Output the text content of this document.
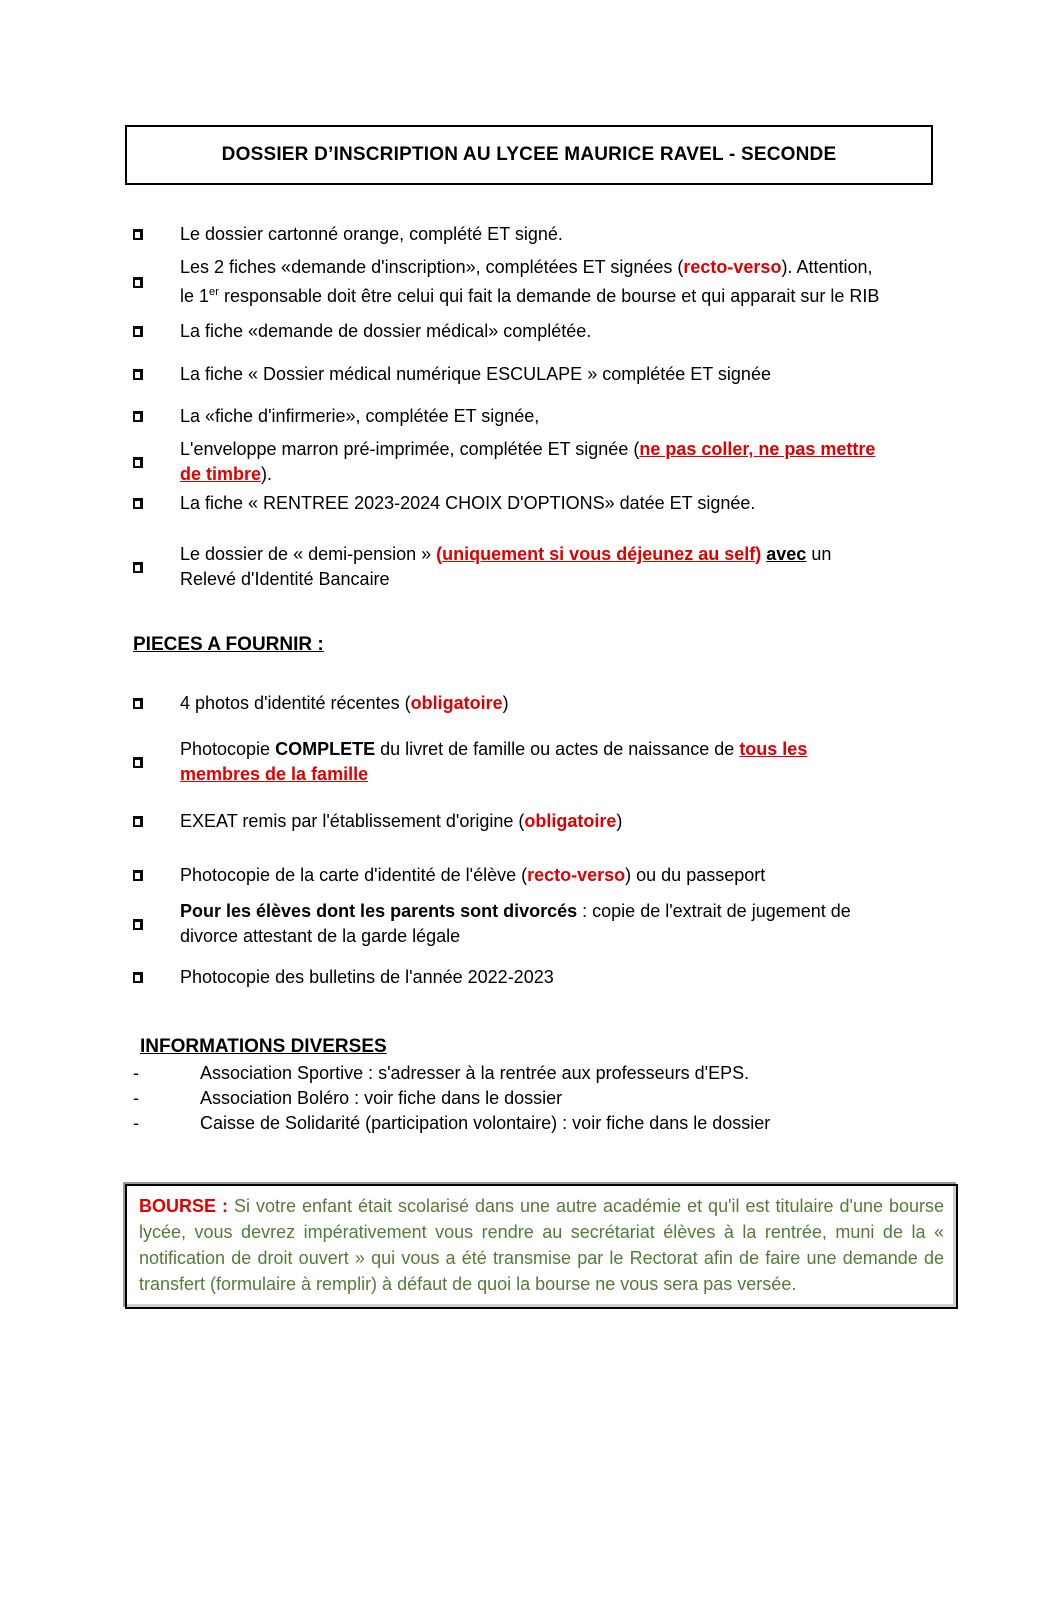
DOSSIER D’INSCRIPTION AU LYCEE MAURICE RAVEL - SECONDE
Le dossier cartonné orange, complété ET signé.
Les 2 fiches «demande d'inscription», complétées ET signées (recto-verso). Attention, le 1er responsable doit être celui qui fait la demande de bourse et qui apparait sur le RIB
La fiche «demande de dossier médical» complétée.
La fiche « Dossier médical numérique ESCULAPE » complétée ET signée
La «fiche d'infirmerie», complétée ET signée,
L'enveloppe marron pré-imprimée, complétée ET signée (ne pas coller, ne pas mettre de timbre).
La fiche « RENTREE 2023-2024 CHOIX D'OPTIONS» datée ET signée.
Le dossier de « demi-pension » (uniquement si vous déjeunez au self) avec un Relevé d'Identité Bancaire
PIECES A FOURNIR :
4 photos d'identité récentes (obligatoire)
Photocopie COMPLETE du livret de famille ou actes de naissance de tous les membres de la famille
EXEAT remis par l'établissement d'origine (obligatoire)
Photocopie de la carte d'identité de l'élève (recto-verso) ou du passeport
Pour les élèves dont les parents sont divorcés : copie de l'extrait de jugement de divorce attestant de la garde légale
Photocopie des bulletins de l'année 2022-2023
INFORMATIONS DIVERSES
-	Association Sportive : s'adresser à la rentrée aux professeurs d'EPS.
-	Association Boléro : voir fiche dans le dossier
-	Caisse de Solidarité (participation volontaire) : voir fiche dans le dossier
BOURSE : Si votre enfant était scolarisé dans une autre académie et qu'il est titulaire d'une bourse lycée, vous devrez impérativement vous rendre au secrétariat élèves à la rentrée, muni de la « notification de droit ouvert » qui vous a été transmise par le Rectorat afin de faire une demande de transfert (formulaire à remplir) à défaut de quoi la bourse ne vous sera pas versée.
